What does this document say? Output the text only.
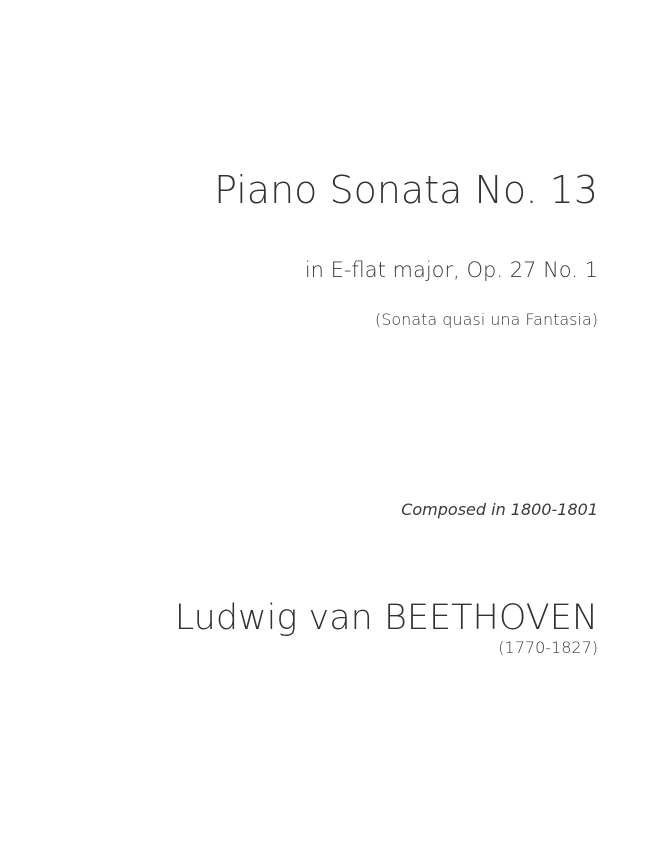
Piano Sonata No. 13
in E-flat major, Op. 27 No. 1
(Sonata quasi una Fantasia)
Composed in 1800-1801
Ludwig van BEETHOVEN
(1770-1827)
